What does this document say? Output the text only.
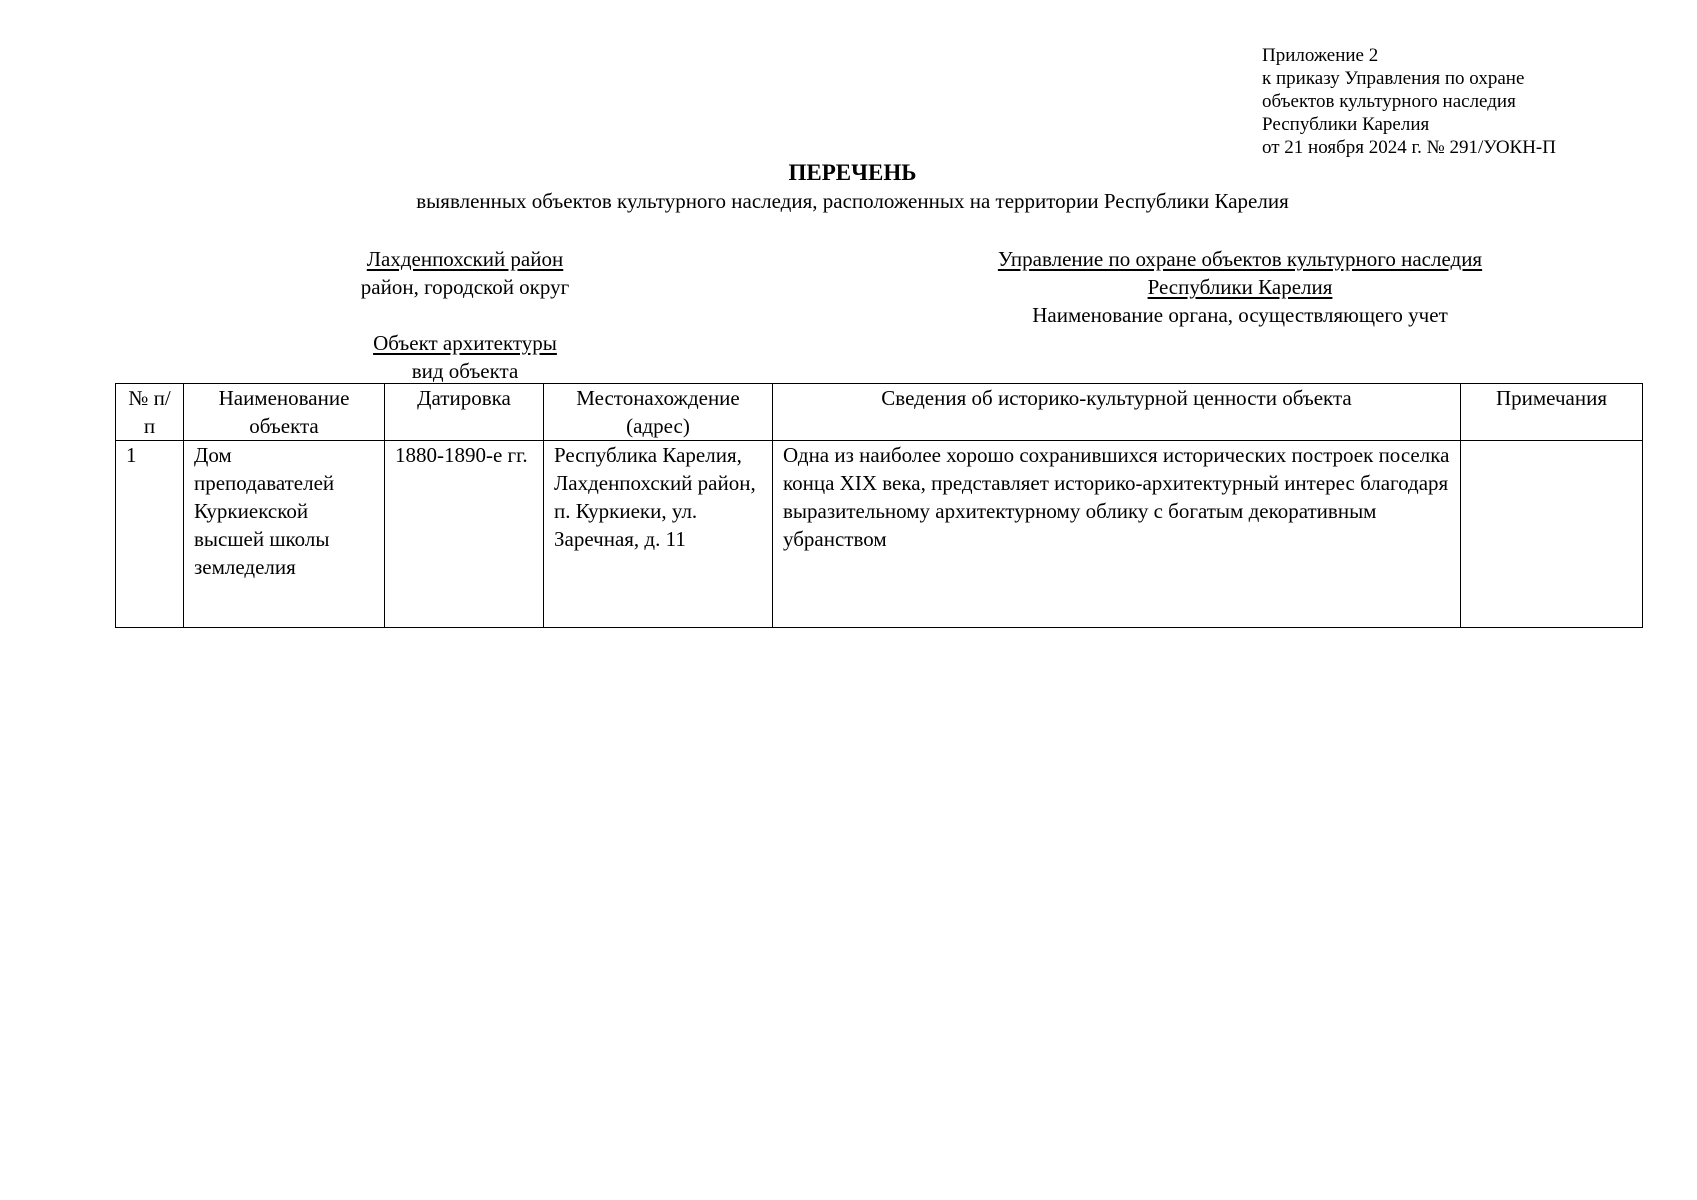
Приложение 2
к приказу Управления по охране
объектов культурного наследия
Республики Карелия
от 21 ноября 2024 г. № 291/УОКН-П
ПЕРЕЧЕНЬ
выявленных объектов культурного наследия, расположенных на территории Республики Карелия
Лахденпохский район
район, городской округ
Управление по охране объектов культурного наследия
Республики Карелия
Наименование органа, осуществляющего учет
Объект архитектуры
вид объекта
№ п/п	Наименование объекта	Датировка	Местонахождение (адрес)	Сведения об историко-культурной ценности объекта	Примечания
1	Дом преподавателей Куркиекской высшей школы земледелия	1880-1890-е гг.	Республика Карелия, Лахденпохский район, п. Куркиеки, ул. Заречная, д. 11	Одна из наиболее хорошо сохранившихся исторических построек поселка конца XIX века, представляет историко-архитектурный интерес благодаря выразительному архитектурному облику с богатым декоративным убранством	
